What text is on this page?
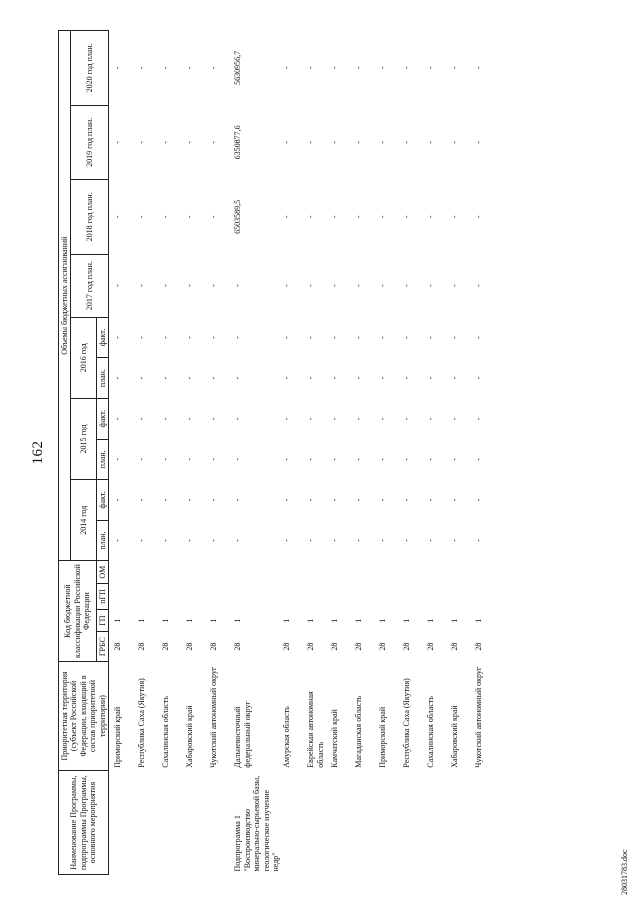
162
Наименование Программы, подпрограммы Программы, основного мероприятия	Приоритетная территория (субъект Российской Федерации, входящий в состав приоритетной территории)	Код бюджетной классификации Российской Федерации				Объемы бюджетных ассигнований									
						2014 год		2015 год		2016 год		2017 год план.	2018 год план.	2019 год план.	2020 год план.
		ГРБС	ГП	пГП	ОМ	план.	факт.	план.	факт.	план.	факт.				
	Приморский край	28	1			-	-	-	-	-	-	-	-	-	-
	Республика Саха (Якутия)	28	1			-	-	-	-	-	-	-	-	-	-
	Сахалинская область	28	1			-	-	-	-	-	-	-	-	-	-
	Хабаровский край	28	1			-	-	-	-	-	-	-	-	-	-
	Чукотский автономный округ	28	1			-	-	-	-	-	-	-	-	-	-
Подпрограмма 1 "Воспроизводство минерально-сырьевой базы, геологическое изучение недр"	Дальневосточный федеральный округ	28	1			-	-	-	-	-	-	-	6503589,5	6350877,6	5630956,7
	Амурская область	28	1			-	-	-	-	-	-	-	-	-	-
	Еврейская автономная область	28	1			-	-	-	-	-	-	-	-	-	-
	Камчатский край	28	1			-	-	-	-	-	-	-	-	-	-
	Магаданская область	28	1			-	-	-	-	-	-	-	-	-	-
	Приморский край	28	1			-	-	-	-	-	-	-	-	-	-
	Республика Саха (Якутия)	28	1			-	-	-	-	-	-	-	-	-	-
	Сахалинская область	28	1			-	-	-	-	-	-	-	-	-	-
	Хабаровский край	28	1			-	-	-	-	-	-	-	-	-	-
	Чукотский автономный округ	28	1			-	-	-	-	-	-	-	-	-	-
28031783.doc
